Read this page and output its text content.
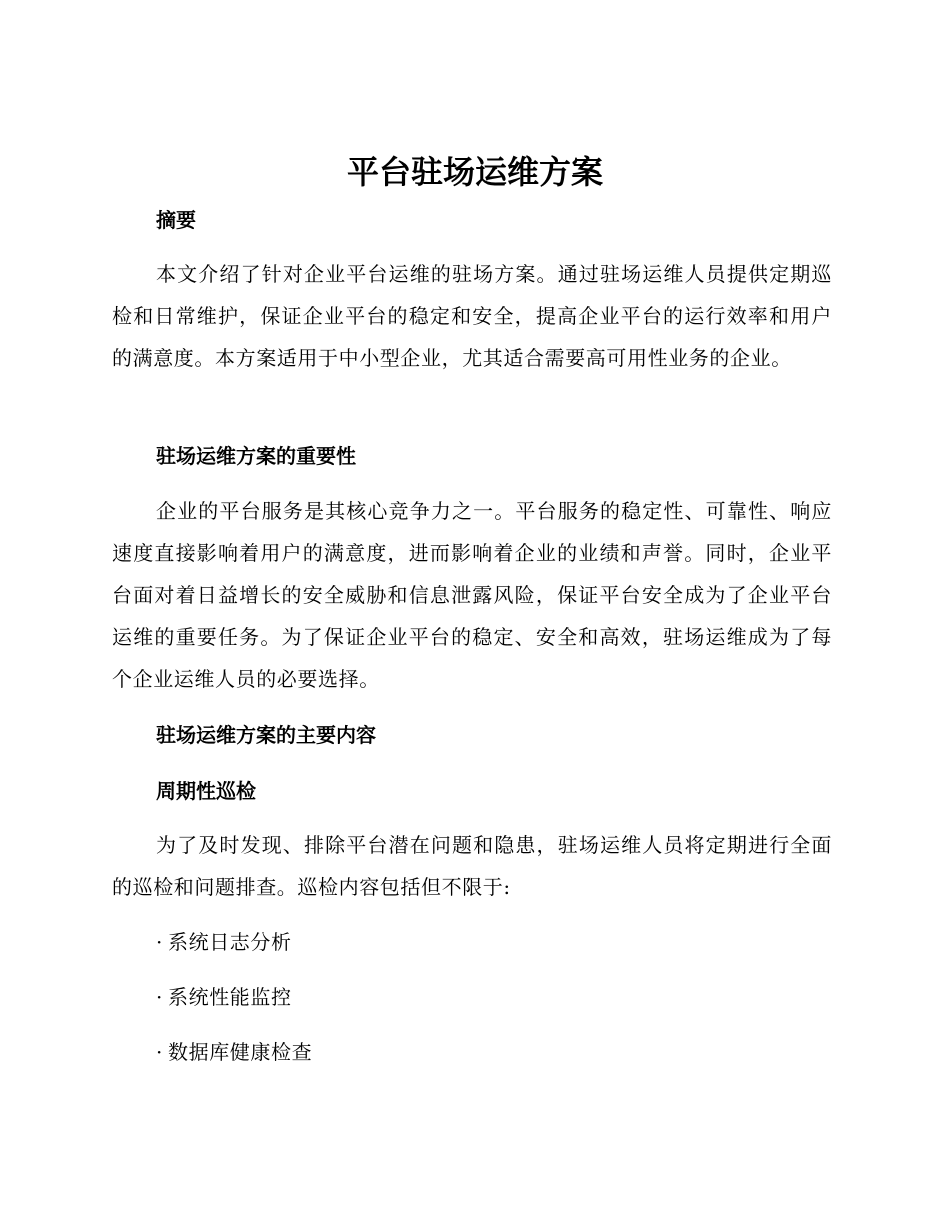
平台驻场运维方案
摘要

本文介绍了针对企业平台运维的驻场方案。通过驻场运维人员提供定期巡检和日常维护，保证企业平台的稳定和安全，提高企业平台的运行效率和用户的满意度。本方案适用于中小型企业，尤其适合需要高可用性业务的企业。

驻场运维方案的重要性

企业的平台服务是其核心竞争力之一。平台服务的稳定性、可靠性、响应速度直接影响着用户的满意度，进而影响着企业的业绩和声誉。同时，企业平台面对着日益增长的安全威胁和信息泄露风险，保证平台安全成为了企业平台运维的重要任务。为了保证企业平台的稳定、安全和高效，驻场运维成为了每个企业运维人员的必要选择。

驻场运维方案的主要内容
周期性巡检

为了及时发现、排除平台潜在问题和隐患，驻场运维人员将定期进行全面的巡检和问题排查。巡检内容包括但不限于:

· 系统日志分析
· 系统性能监控
· 数据库健康检查
